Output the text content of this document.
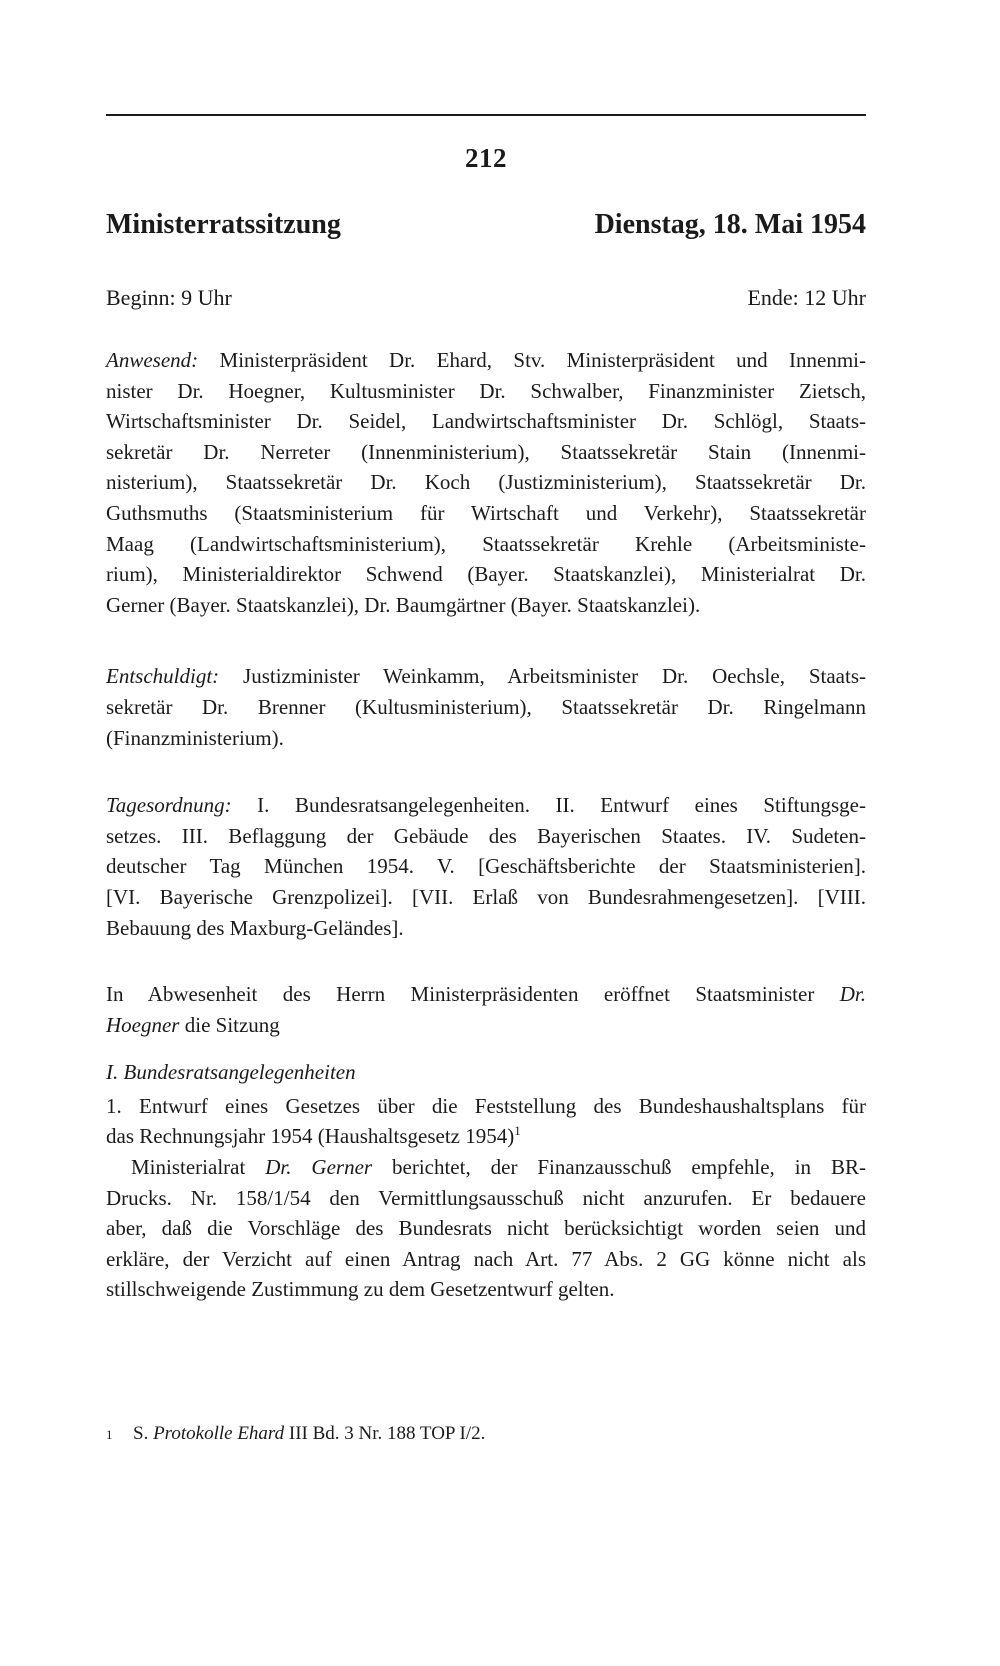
212
Ministerratssitzung	Dienstag, 18. Mai 1954
Beginn: 9 Uhr	Ende: 12 Uhr
Anwesend: Ministerpräsident Dr. Ehard, Stv. Ministerpräsident und Innenmi-
nister Dr. Hoegner, Kultusminister Dr. Schwalber, Finanzminister Zietsch,
Wirtschaftsminister Dr. Seidel, Landwirtschaftsminister Dr. Schlögl, Staats-
sekretär Dr. Nerreter (Innenministerium), Staatssekretär Stain (Innenmi-
nisterium), Staatssekretär Dr. Koch (Justizministerium), Staatssekretär Dr.
Guthsmuths (Staatsministerium für Wirtschaft und Verkehr), Staatssekretär
Maag (Landwirtschaftsministerium), Staatssekretär Krehle (Arbeitsministe-
rium), Ministerialdirektor Schwend (Bayer. Staatskanzlei), Ministerialrat Dr.
Gerner (Bayer. Staatskanzlei), Dr. Baumgärtner (Bayer. Staatskanzlei).
Entschuldigt: Justizminister Weinkamm, Arbeitsminister Dr. Oechsle, Staats-
sekretär Dr. Brenner (Kultusministerium), Staatssekretär Dr. Ringelmann
(Finanzministerium).
Tagesordnung: I. Bundesratsangelegenheiten. II. Entwurf eines Stiftungsge-
setzes. III. Beflaggung der Gebäude des Bayerischen Staates. IV. Sudeten-
deutscher Tag München 1954. V. [Geschäftsberichte der Staatsministerien].
[VI. Bayerische Grenzpolizei]. [VII. Erlaß von Bundesrahmengesetzen]. [VIII.
Bebauung des Maxburg-Geländes].
In Abwesenheit des Herrn Ministerpräsidenten eröffnet Staatsminister Dr.
Hoegner die Sitzung
I. Bundesratsangelegenheiten
1. Entwurf eines Gesetzes über die Feststellung des Bundeshaushaltsplans für
das Rechnungsjahr 1954 (Haushaltsgesetz 1954)$^1$
Ministerialrat Dr. Gerner berichtet, der Finanzausschuß empfehle, in BR-
Drucks. Nr. 158/1/54 den Vermittlungsausschuß nicht anzurufen. Er bedauere
aber, daß die Vorschläge des Bundesrats nicht berücksichtigt worden seien und
erkläre, der Verzicht auf einen Antrag nach Art. 77 Abs. 2 GG könne nicht als
stillschweigende Zustimmung zu dem Gesetzentwurf gelten.
1	S. Protokolle Ehard III Bd. 3 Nr. 188 TOP I/2.
